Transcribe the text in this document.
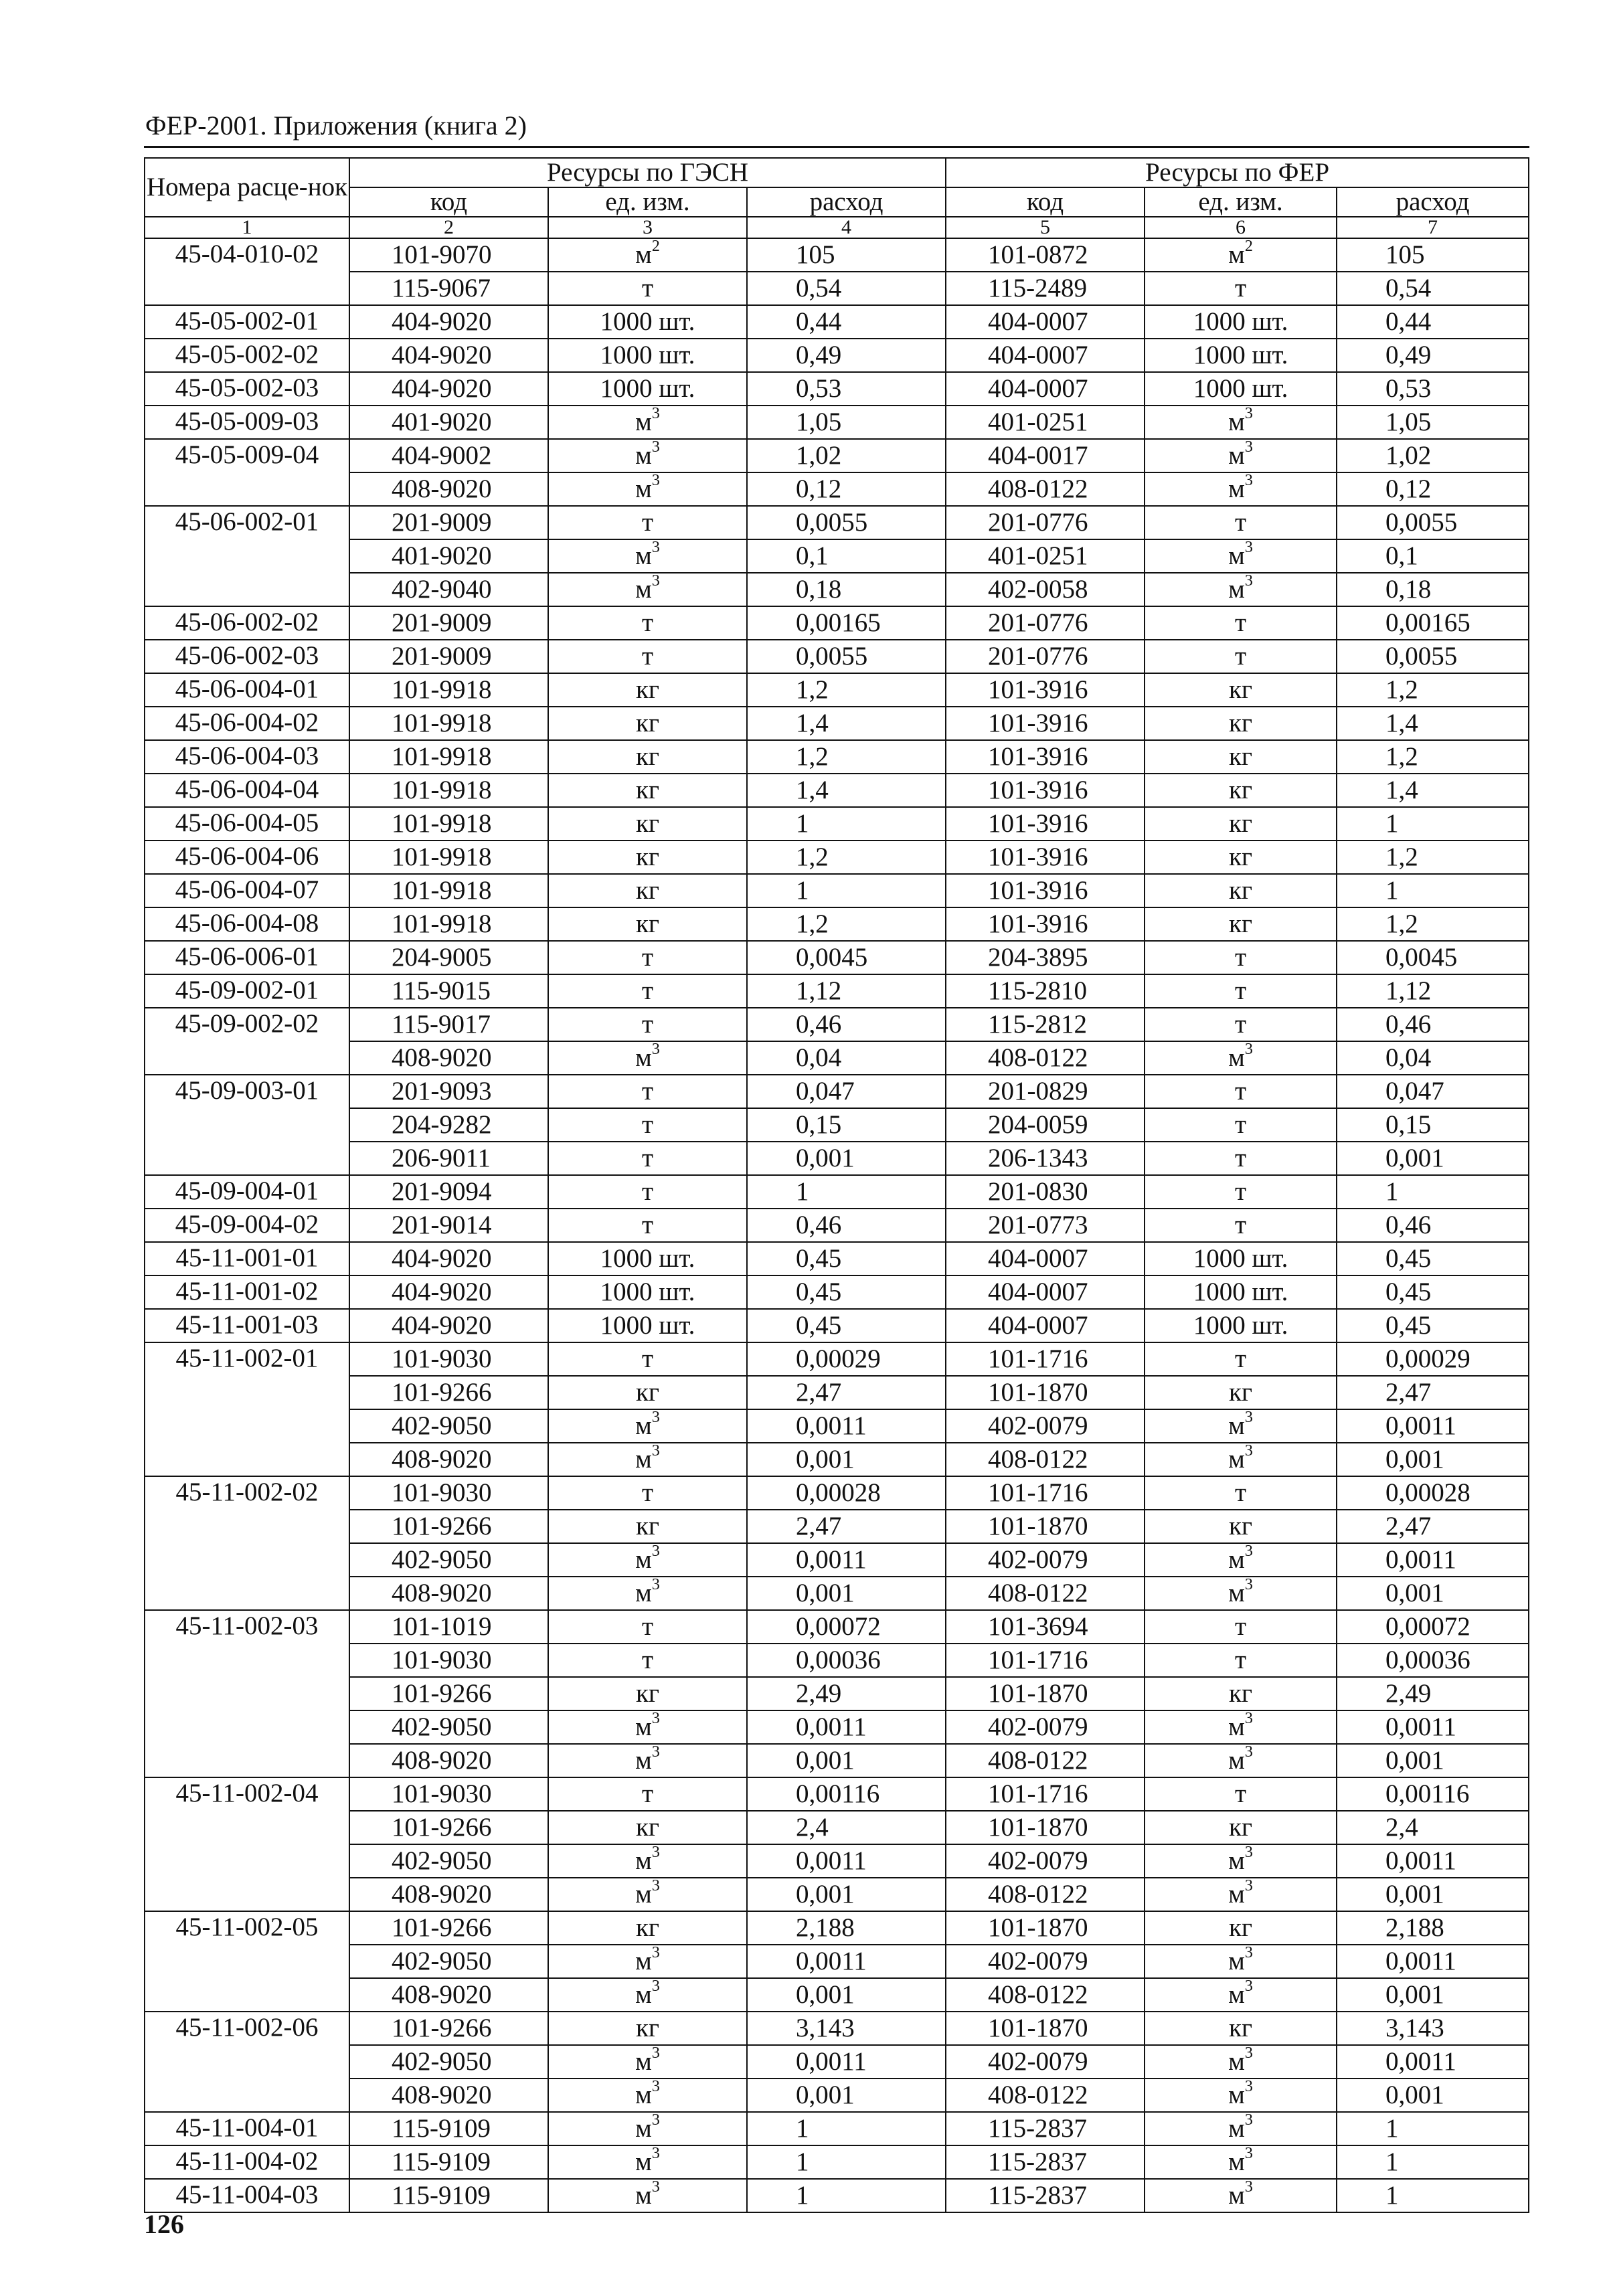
ФЕР-2001. Приложения (книга 2)
Номера расце-нок	Ресурсы по ГЭСН			Ресурсы по ФЕР		
	код	ед. изм.	расход	код	ед. изм.	расход
1	2	3	4	5	6	7
45-04-010-02	101-9070	$м^2$	105	101-0872	$м^2$	105
	115-9067	т	0,54	115-2489	т	0,54
45-05-002-01	404-9020	1000 шт.	0,44	404-0007	1000 шт.	0,44
45-05-002-02	404-9020	1000 шт.	0,49	404-0007	1000 шт.	0,49
45-05-002-03	404-9020	1000 шт.	0,53	404-0007	1000 шт.	0,53
45-05-009-03	401-9020	$м^3$	1,05	401-0251	$м^3$	1,05
45-05-009-04	404-9002	$м^3$	1,02	404-0017	$м^3$	1,02
	408-9020	$м^3$	0,12	408-0122	$м^3$	0,12
45-06-002-01	201-9009	т	0,0055	201-0776	т	0,0055
	401-9020	$м^3$	0,1	401-0251	$м^3$	0,1
	402-9040	$м^3$	0,18	402-0058	$м^3$	0,18
45-06-002-02	201-9009	т	0,00165	201-0776	т	0,00165
45-06-002-03	201-9009	т	0,0055	201-0776	т	0,0055
45-06-004-01	101-9918	кг	1,2	101-3916	кг	1,2
45-06-004-02	101-9918	кг	1,4	101-3916	кг	1,4
45-06-004-03	101-9918	кг	1,2	101-3916	кг	1,2
45-06-004-04	101-9918	кг	1,4	101-3916	кг	1,4
45-06-004-05	101-9918	кг	1	101-3916	кг	1
45-06-004-06	101-9918	кг	1,2	101-3916	кг	1,2
45-06-004-07	101-9918	кг	1	101-3916	кг	1
45-06-004-08	101-9918	кг	1,2	101-3916	кг	1,2
45-06-006-01	204-9005	т	0,0045	204-3895	т	0,0045
45-09-002-01	115-9015	т	1,12	115-2810	т	1,12
45-09-002-02	115-9017	т	0,46	115-2812	т	0,46
	408-9020	$м^3$	0,04	408-0122	$м^3$	0,04
45-09-003-01	201-9093	т	0,047	201-0829	т	0,047
	204-9282	т	0,15	204-0059	т	0,15
	206-9011	т	0,001	206-1343	т	0,001
45-09-004-01	201-9094	т	1	201-0830	т	1
45-09-004-02	201-9014	т	0,46	201-0773	т	0,46
45-11-001-01	404-9020	1000 шт.	0,45	404-0007	1000 шт.	0,45
45-11-001-02	404-9020	1000 шт.	0,45	404-0007	1000 шт.	0,45
45-11-001-03	404-9020	1000 шт.	0,45	404-0007	1000 шт.	0,45
45-11-002-01	101-9030	т	0,00029	101-1716	т	0,00029
	101-9266	кг	2,47	101-1870	кг	2,47
	402-9050	$м^3$	0,0011	402-0079	$м^3$	0,0011
	408-9020	$м^3$	0,001	408-0122	$м^3$	0,001
45-11-002-02	101-9030	т	0,00028	101-1716	т	0,00028
	101-9266	кг	2,47	101-1870	кг	2,47
	402-9050	$м^3$	0,0011	402-0079	$м^3$	0,0011
	408-9020	$м^3$	0,001	408-0122	$м^3$	0,001
45-11-002-03	101-1019	т	0,00072	101-3694	т	0,00072
	101-9030	т	0,00036	101-1716	т	0,00036
	101-9266	кг	2,49	101-1870	кг	2,49
	402-9050	$м^3$	0,0011	402-0079	$м^3$	0,0011
	408-9020	$м^3$	0,001	408-0122	$м^3$	0,001
45-11-002-04	101-9030	т	0,00116	101-1716	т	0,00116
	101-9266	кг	2,4	101-1870	кг	2,4
	402-9050	$м^3$	0,0011	402-0079	$м^3$	0,0011
	408-9020	$м^3$	0,001	408-0122	$м^3$	0,001
45-11-002-05	101-9266	кг	2,188	101-1870	кг	2,188
	402-9050	$м^3$	0,0011	402-0079	$м^3$	0,0011
	408-9020	$м^3$	0,001	408-0122	$м^3$	0,001
45-11-002-06	101-9266	кг	3,143	101-1870	кг	3,143
	402-9050	$м^3$	0,0011	402-0079	$м^3$	0,0011
	408-9020	$м^3$	0,001	408-0122	$м^3$	0,001
45-11-004-01	115-9109	$м^3$	1	115-2837	$м^3$	1
45-11-004-02	115-9109	$м^3$	1	115-2837	$м^3$	1
45-11-004-03	115-9109	$м^3$	1	115-2837	$м^3$	1
126
